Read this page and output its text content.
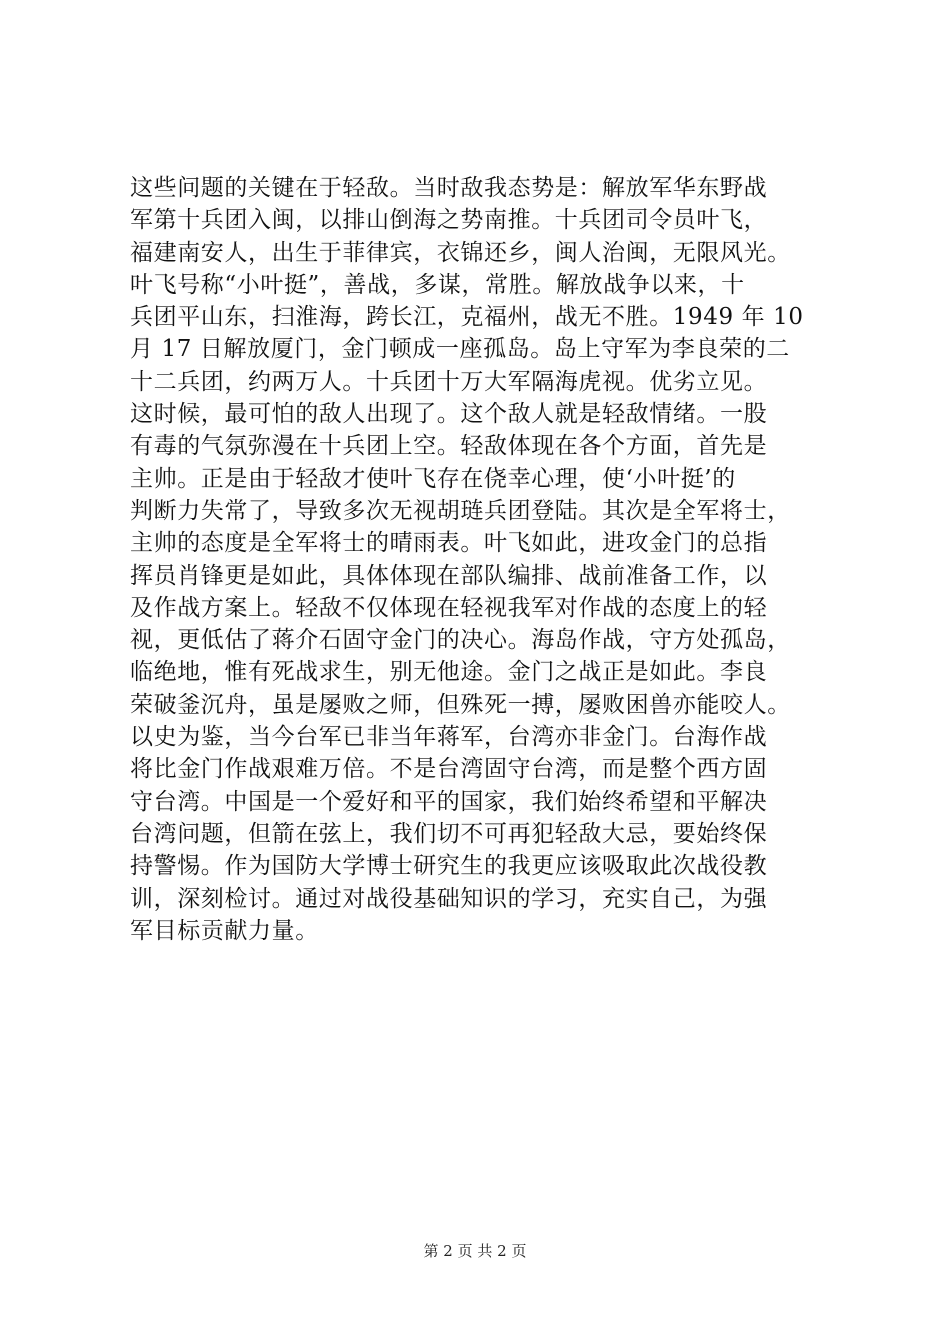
这些问题的关键在于轻敌。当时敌我态势是：解放军华东野战
军第十兵团入闽，以排山倒海之势南推。十兵团司令员叶飞，
福建南安人，出生于菲律宾，衣锦还乡，闽人治闽，无限风光。
叶飞号称“小叶挺”，善战，多谋，常胜。解放战争以来，十
兵团平山东，扫淮海，跨长江，克福州，战无不胜。1949 年 10
月 17 日解放厦门，金门顿成一座孤岛。岛上守军为李良荣的二
十二兵团，约两万人。十兵团十万大军隔海虎视。优劣立见。
这时候，最可怕的敌人出现了。这个敌人就是轻敌情绪。一股
有毒的气氛弥漫在十兵团上空。轻敌体现在各个方面，首先是
主帅。正是由于轻敌才使叶飞存在侥幸心理，使‘小叶挺’的
判断力失常了，导致多次无视胡琏兵团登陆。其次是全军将士，
主帅的态度是全军将士的晴雨表。叶飞如此，进攻金门的总指
挥员肖锋更是如此，具体体现在部队编排、战前准备工作，以
及作战方案上。轻敌不仅体现在轻视我军对作战的态度上的轻
视，更低估了蒋介石固守金门的决心。海岛作战，守方处孤岛，
临绝地，惟有死战求生，别无他途。金门之战正是如此。李良
荣破釜沉舟，虽是屡败之师，但殊死一搏，屡败困兽亦能咬人。
以史为鉴，当今台军已非当年蒋军，台湾亦非金门。台海作战
将比金门作战艰难万倍。不是台湾固守台湾，而是整个西方固
守台湾。中国是一个爱好和平的国家，我们始终希望和平解决
台湾问题，但箭在弦上，我们切不可再犯轻敌大忌，要始终保
持警惕。作为国防大学博士研究生的我更应该吸取此次战役教
训，深刻检讨。通过对战役基础知识的学习，充实自己，为强
军目标贡献力量。
第 2 页 共 2 页
